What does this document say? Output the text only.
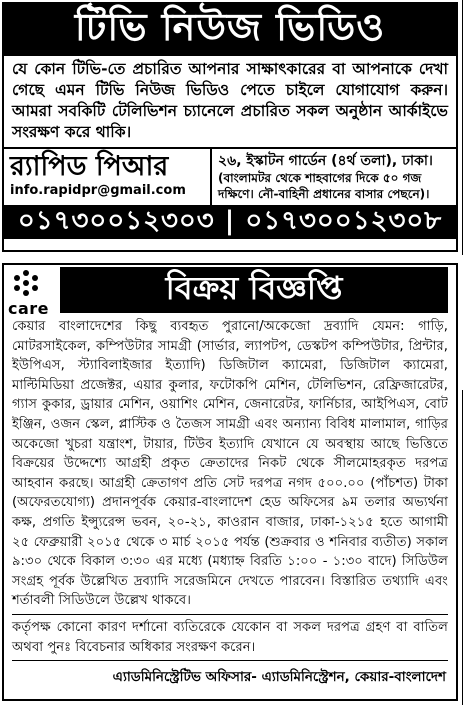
টিভি নিউজ ভিডিও
যে কোন টিভি-তে প্রচারিত আপনার সাক্ষাৎকারের বা আপনাকে দেখা গেছে এমন টিভি নিউজ ভিডিও পেতে চাইলে যোগাযোগ করুন। আমরা সবকিটি টেলিভিশন চ্যানেলে প্রচারিত সকল অনুষ্ঠান আর্কাইভে সংরক্ষণ করে থাকি।
র‌্যাপিড পিআর
info.rapidpr@gmail.com
২৬, ইস্কাটন গার্ডেন (৪র্থ তলা), ঢাকা।
(বাংলামটর থেকে শাহবাগের দিকে ৫০ গজ দক্ষিণে। নৌ-বাহিনী প্রধানের বাসার পেছনে)।
০১৭৩০০১২৩০৩ | ০১৭৩০০১২৩০৮
care
বিক্রয় বিজ্ঞপ্তি

কেয়ার বাংলাদেশের কিছু ব্যবহৃত পুরানো/অকেজো দ্রব্যাদি যেমন: গাড়ি, মোটরসাইকেল, কম্পিউটার সামগ্রী (সার্ভার, ল্যাপটপ, ডেস্কটপ কম্পিউটার, প্রিন্টার, ইউপিএস, স্ট্যাবিলাইজার ইত্যাদি) ডিজিটাল ক্যামেরা, ডিজিটাল ক্যামেরা, মাল্টিমিডিয়া প্রজেক্টর, এয়ার কুলার, ফটোকপি মেশিন, টেলিভিশন, রেফ্রিজারেটর, গ্যাস কুকার, ড্রায়ার মেশিন, ওয়াশিং মেশিন, জেনারেটর, ফার্নিচার, আইপিএস, বোট ইঞ্জিন, ওজন স্কেল, প্লাস্টিক ও তৈজস সামগ্রী এবং অন্যান্য বিবিধ মালামাল, গাড়ির অকেজো খুচরা যন্ত্রাংশ, টায়ার, টিউব ইত্যাদি যেখানে যে অবস্থায় আছে ভিত্তিতে বিক্রয়ের উদ্দেশ্যে আগ্রহী প্রকৃত ক্রেতাদের নিকট থেকে সীলমোহরকৃত দরপত্র আহবান করছে। আগ্রহী ক্রেতাগণ প্রতি সেট দরপত্র নগদ ৫০০.০০ (পাঁচশত) টাকা (অফেরতযোগ্য) প্রদানপূর্বক কেয়ার-বাংলাদেশ হেড অফিসের ৯ম তলার অভ্যর্থনা কক্ষ, প্রগতি ইন্স্যুরেন্স ভবন, ২০-২১, কাওরান বাজার, ঢাকা-১২১৫ হতে আগামী ২৫ ফেব্রুয়ারী ২০১৫ থেকে ৩ মার্চ ২০১৫ পর্যন্ত (শুক্রবার ও শনিবার ব্যতীত) সকাল ৯:৩০ থেকে বিকাল ৩:৩০ এর মধ্যে (মধ্যাহ্ন বিরতি ১:০০ - ১:৩০ বাদে) সিডিউল সংগ্রহ পূর্বক উল্লেখিত দ্রব্যাদি সরেজমিনে দেখতে পারবেন। বিস্তারিত তথ্যাদি এবং শর্তাবলী সিডিউলে উল্লেখ থাকবে।

কর্তৃপক্ষ কোনো কারণ দর্শানো ব্যতিরেকে যেকোন বা সকল দরপত্র গ্রহণ বা বাতিল অথবা পুনঃ বিবেচনার অধিকার সংরক্ষণ করেন।

এ্যাডমিনিস্ট্রেটিভ অফিসার- এ্যাডমিনিস্ট্রেশন, কেয়ার-বাংলাদেশ
